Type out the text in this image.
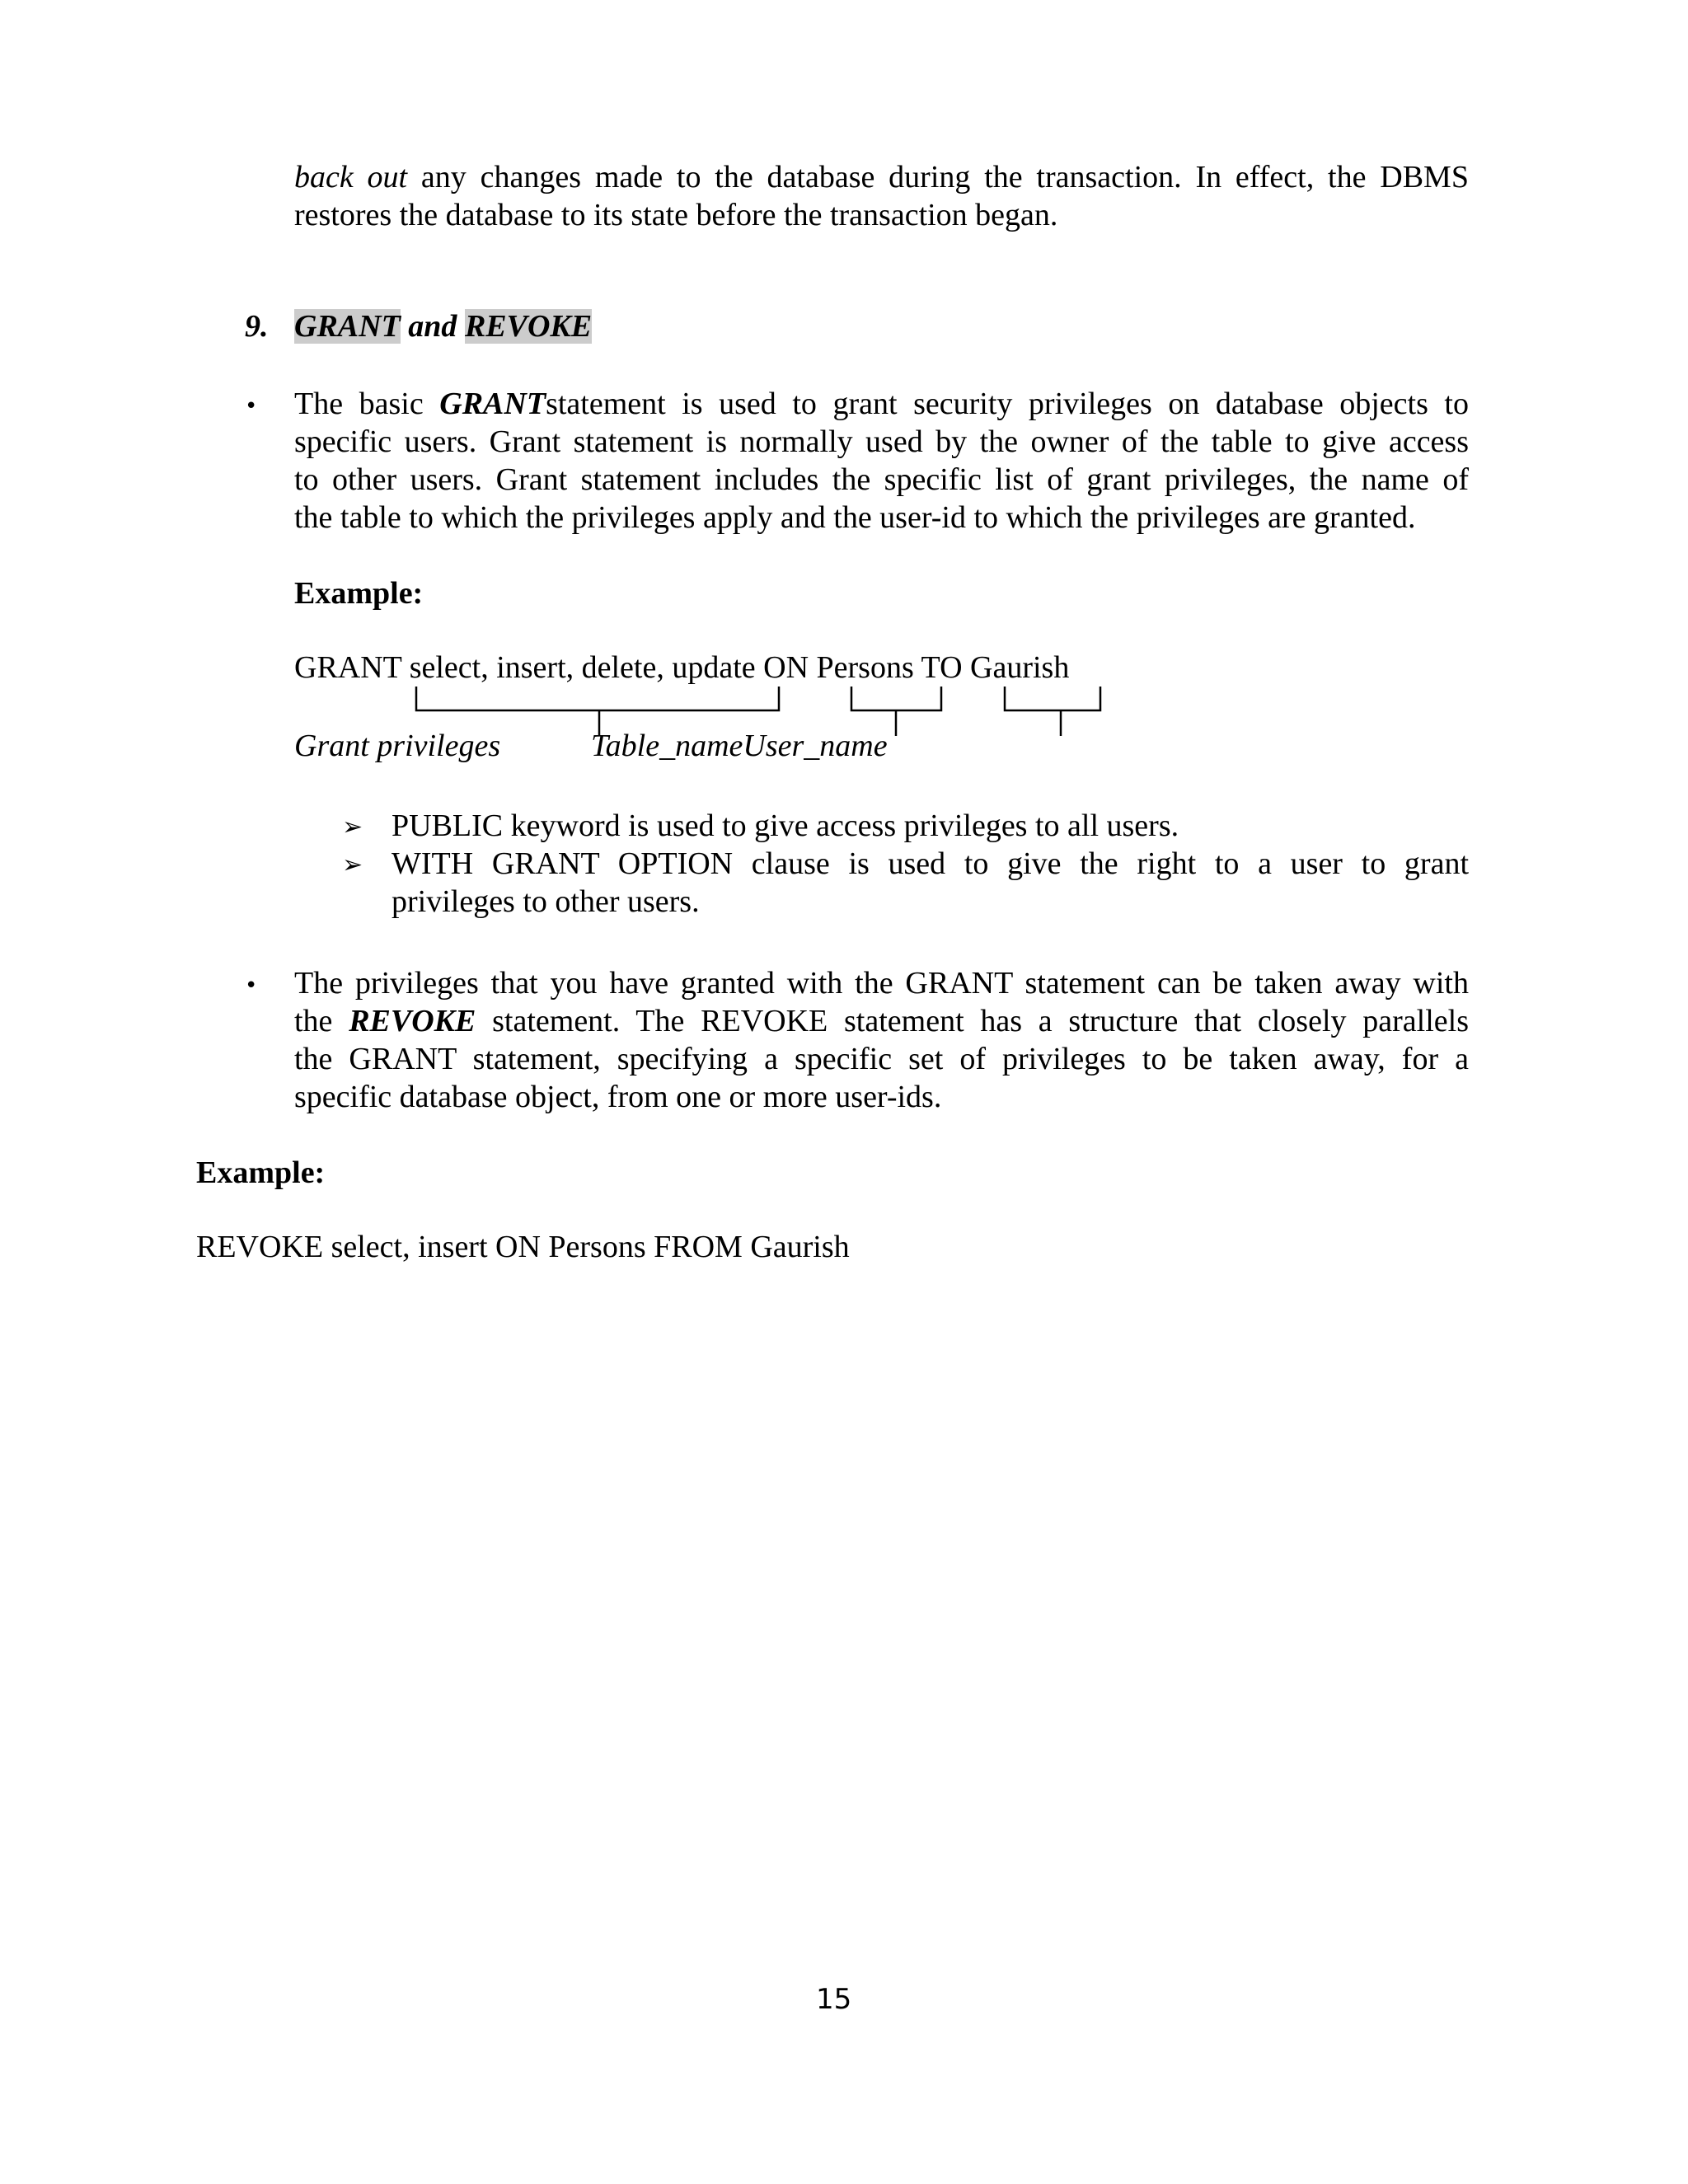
back out any changes made to the database during the transaction. In effect, the DBMS
restores the database to its state before the transaction began.
9. GRANT and REVOKE
• The basic GRANTstatement is used to grant security privileges on database objects to
specific users. Grant statement is normally used by the owner of the table to give access
to other users. Grant statement includes the specific list of grant privileges, the name of
the table to which the privileges apply and the user-id to which the privileges are granted.
Example:
GRANT select, insert, delete, update ON Persons TO Gaurish
Grant privileges	Table_nameUser_name
➢ PUBLIC keyword is used to give access privileges to all users.
➢ WITH GRANT OPTION clause is used to give the right to a user to grant
privileges to other users.
• The privileges that you have granted with the GRANT statement can be taken away with
the REVOKE statement. The REVOKE statement has a structure that closely parallels
the GRANT statement, specifying a specific set of privileges to be taken away, for a
specific database object, from one or more user-ids.
Example:
REVOKE select, insert ON Persons FROM Gaurish
15
